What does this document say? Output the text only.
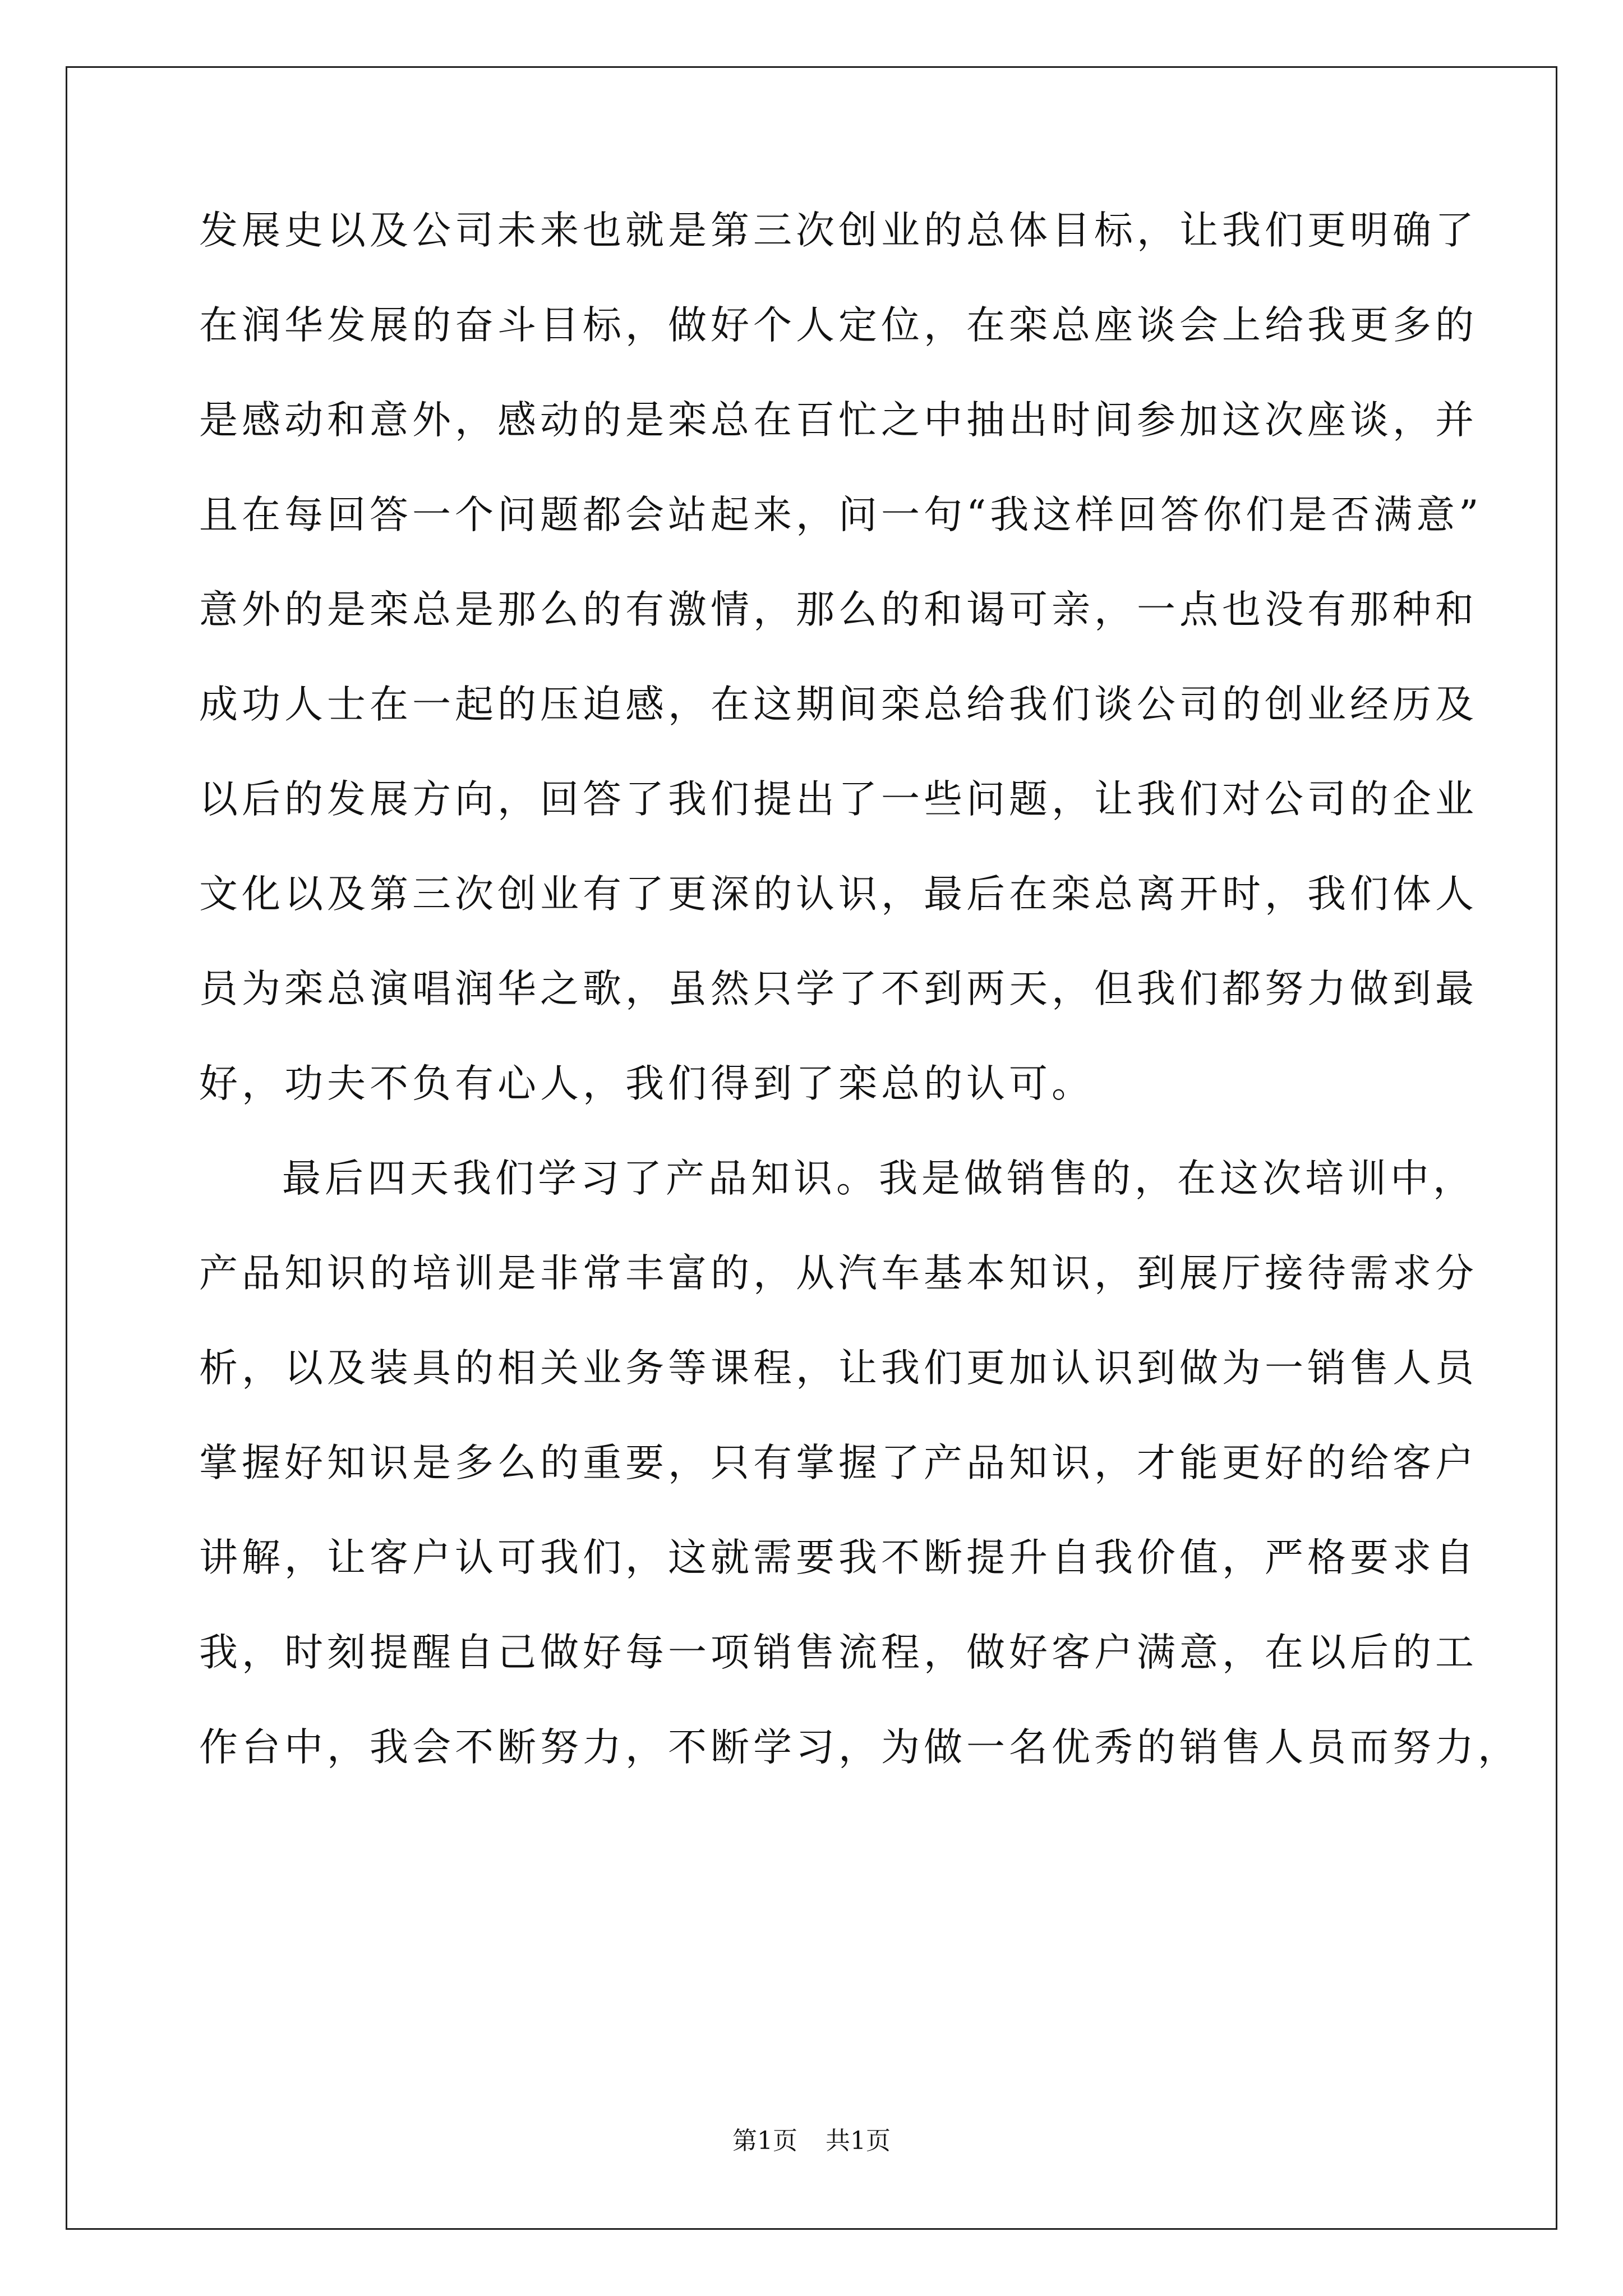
发展史以及公司未来也就是第三次创业的总体目标，让我们更明确了
在润华发展的奋斗目标，做好个人定位，在栾总座谈会上给我更多的
是感动和意外，感动的是栾总在百忙之中抽出时间参加这次座谈，并
且在每回答一个问题都会站起来，问一句“我这样回答你们是否满意”
意外的是栾总是那么的有激情，那么的和谒可亲，一点也没有那种和
成功人士在一起的压迫感，在这期间栾总给我们谈公司的创业经历及
以后的发展方向，回答了我们提出了一些问题，让我们对公司的企业
文化以及第三次创业有了更深的认识，最后在栾总离开时，我们体人
员为栾总演唱润华之歌，虽然只学了不到两天，但我们都努力做到最
好，功夫不负有心人，我们得到了栾总的认可。
最后四天我们学习了产品知识。我是做销售的，在这次培训中，
产品知识的培训是非常丰富的，从汽车基本知识，到展厅接待需求分
析，以及装具的相关业务等课程，让我们更加认识到做为一销售人员
掌握好知识是多么的重要，只有掌握了产品知识，才能更好的给客户
讲解，让客户认可我们，这就需要我不断提升自我价值，严格要求自
我，时刻提醒自己做好每一项销售流程，做好客户满意，在以后的工
作台中，我会不断努力，不断学习，为做一名优秀的销售人员而努力，
第1页 共1页
